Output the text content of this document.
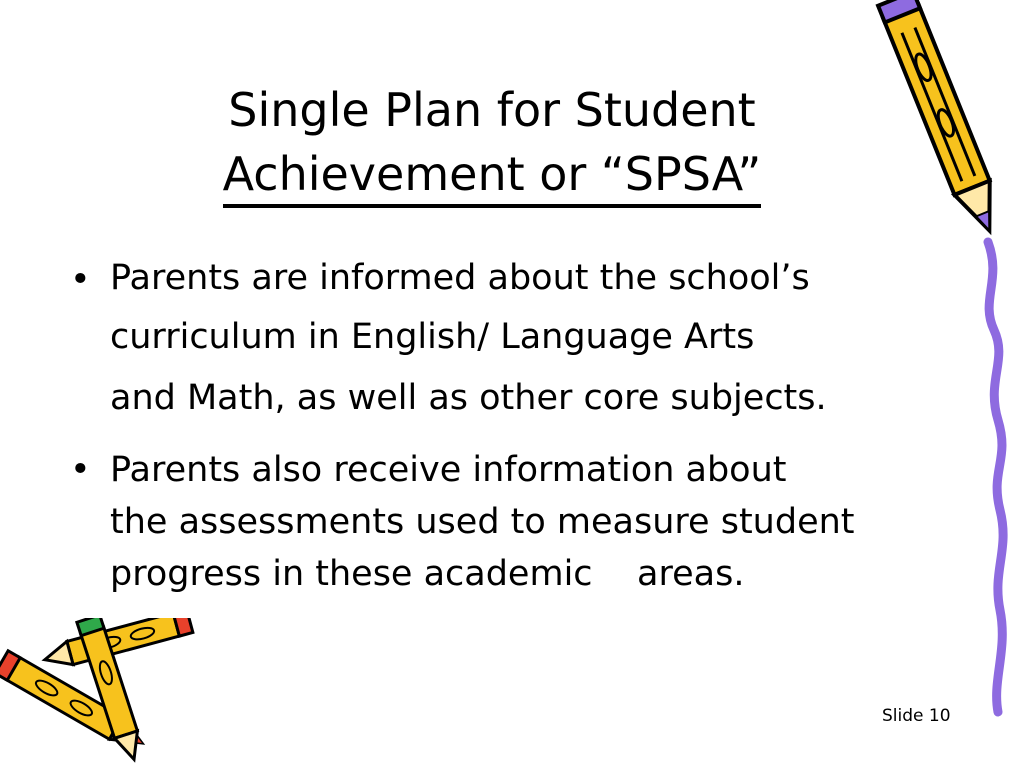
Single Plan for Student
Achievement or “SPSA”
• Parents are informed about the school’s
curriculum in English/ Language Arts
and Math, as well as other core subjects.
• Parents also receive information about
the assessments used to measure student
progress in these academic    areas.
Slide 10
